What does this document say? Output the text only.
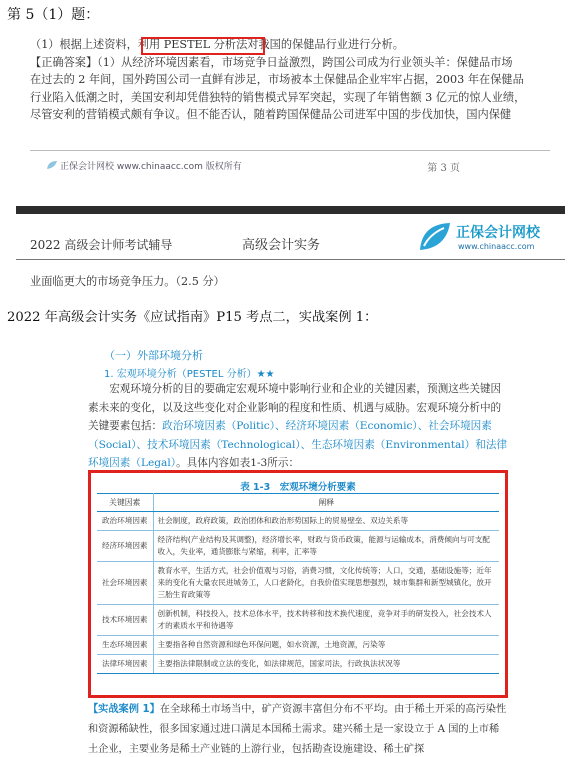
第 5（1）题：

（1）根据上述资料，利用 PESTEL 分析法对我国的保健品行业进行分析。

【正确答案】（1）从经济环境因素看，市场竞争日益激烈，跨国公司成为行业领头羊：保健品市场

在过去的 2 年间，国外跨国公司一直鲜有涉足，市场被本土保健品企业牢牢占据，2003 年在保健品

行业陷入低潮之时，美国安利却凭借独特的销售模式异军突起，实现了年销售额 3 亿元的惊人业绩，

尽管安利的营销模式颇有争议。但不能否认，随着跨国保健品公司进军中国的步伐加快，国内保健

正保会计网校 www.chinaacc.com 版权所有	第 3 页
2022 高级会计师考试辅导	高级会计实务
正保会计网校
www.chinaacc.com
业面临更大的市场竞争压力。（2.5 分）
2022 年高级会计实务《应试指南》P15 考点二，实战案例 1：
（一）外部环境分析
1. 宏观环境分析（PESTEL 分析）★★
宏观环境分析的目的要确定宏观环境中影响行业和企业的关键因素，预测这些关键因素未来的变化，以及这些变化对企业影响的程度和性质、机遇与威胁。宏观环境分析中的关键要素包括：政治环境因素（Politic）、经济环境因素（Economic）、社会环境因素（Social）、技术环境因素（Technological）、生态环境因素（Environmental）和法律环境因素（Legal）。具体内容如表1-3所示：
表 1-3　宏观环境分析要素
关键因素	阐释
政治环境因素	社会制度，政府政策，政治团体和政治形势国际上的贸易壁垒、双边关系等
经济环境因素	经济结构(产业结构及其调整)，经济增长率，财政与货币政策，能源与运输成本，消费倾向与可支配收入，失业率，通货膨胀与紧缩，利率，汇率等
社会环境因素	教育水平，生活方式，社会价值观与习俗，消费习惯，文化传统等；人口，交通，基础设施等；近年来的变化有大量农民进城务工，人口老龄化，自我价值实现思想强烈，城市集群和新型城镇化，放开三胎生育政策等
技术环境因素	创新机制，科技投入，技术总体水平，技术转移和技术换代速度，竞争对手的研发投入，社会技术人才的素质水平和待遇等
生态环境因素	主要指各种自然资源和绿色环保问题，如水资源，土地资源，污染等
法律环境因素	主要指法律限制或立法的变化，如法律规范，国家司法，行政执法状况等
【实战案例 1】在全球稀土市场当中，矿产资源丰富但分布不平均。由于稀土开采的高污染性和资源稀缺性，很多国家通过进口满足本国稀土需求。建兴稀土是一家设立于 A 国的上市稀土企业，主要业务是稀土产业链的上游行业，包括勘查设施建设、稀土矿探
